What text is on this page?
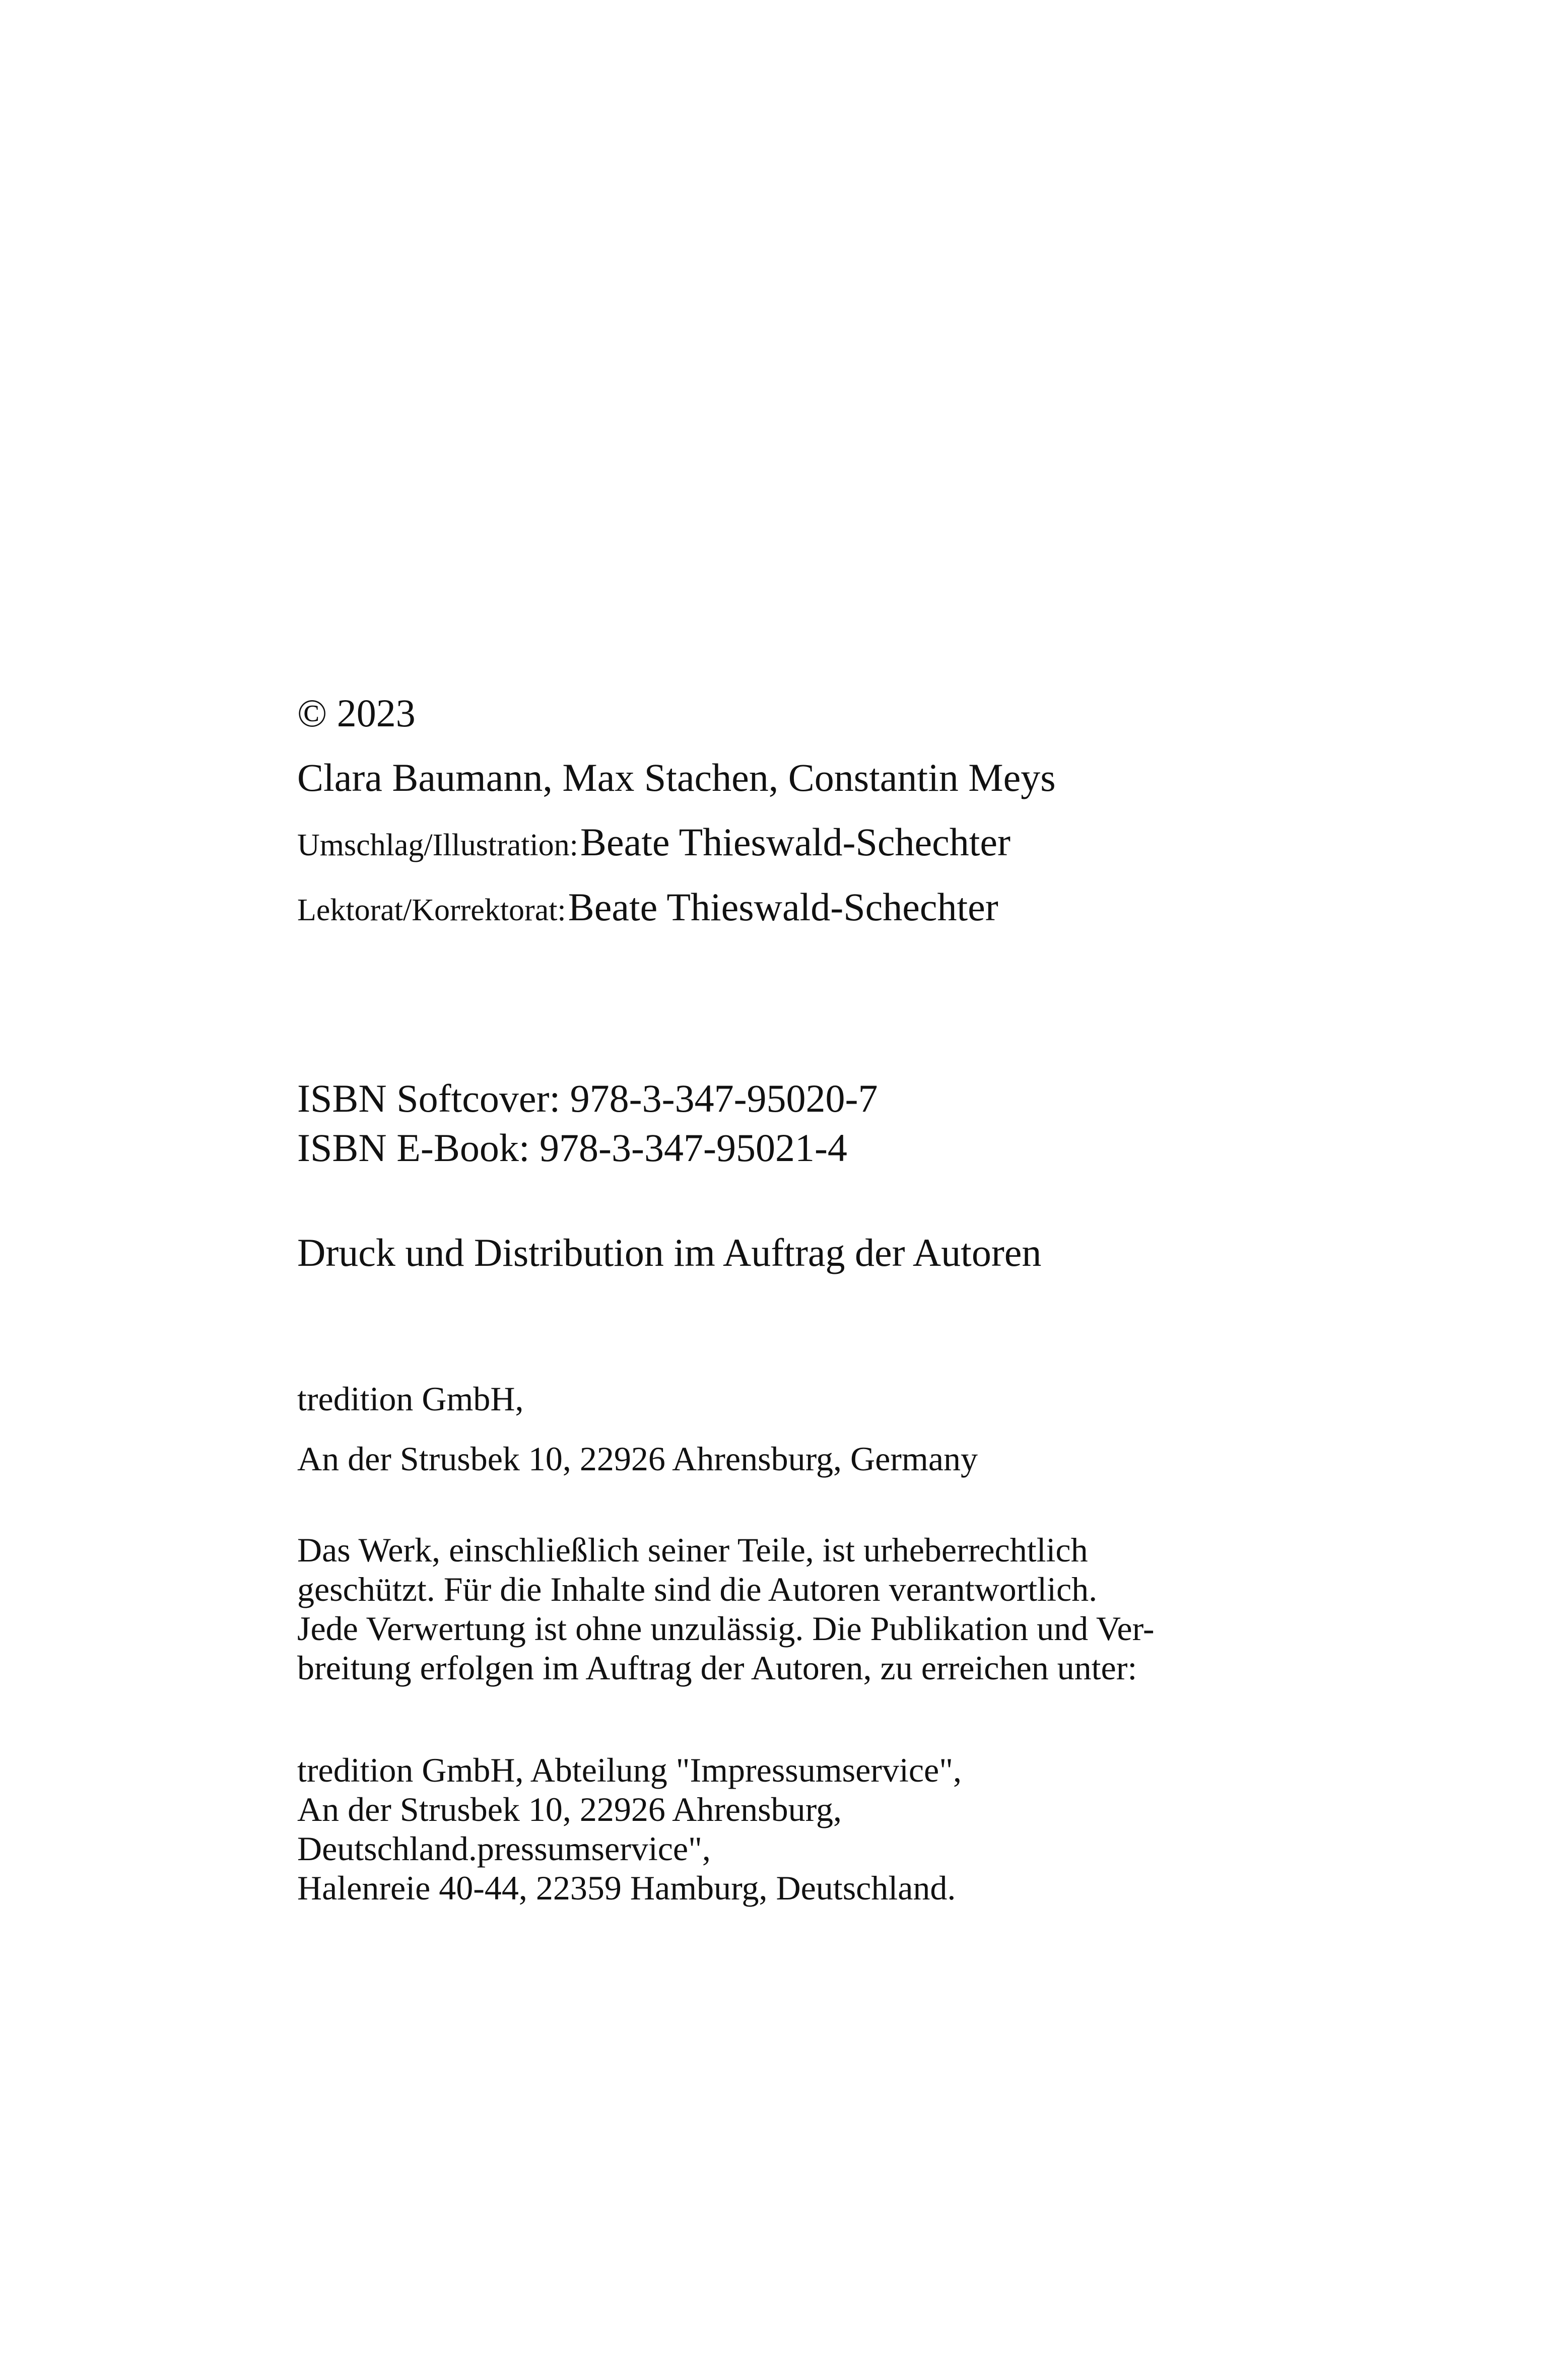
© 2023
Clara Baumann, Max Stachen, Constantin Meys
Umschlag/Illustration: Beate Thieswald-Schechter
Lektorat/Korrektorat: Beate Thieswald-Schechter
ISBN Softcover: 978-3-347-95020-7
ISBN E-Book: 978-3-347-95021-4
Druck und Distribution im Auftrag der Autoren
tredition GmbH,
An der Strusbek 10, 22926 Ahrensburg, Germany
Das Werk, einschließlich seiner Teile, ist urheberrechtlich
geschützt. Für die Inhalte sind die Autoren verantwortlich.
Jede Verwertung ist ohne unzulässig. Die Publikation und Ver-
breitung erfolgen im Auftrag der Autoren, zu erreichen unter:
tredition GmbH, Abteilung "Impressumservice",
An der Strusbek 10, 22926 Ahrensburg,
Deutschland.pressumservice",
Halenreie 40-44, 22359 Hamburg, Deutschland.
